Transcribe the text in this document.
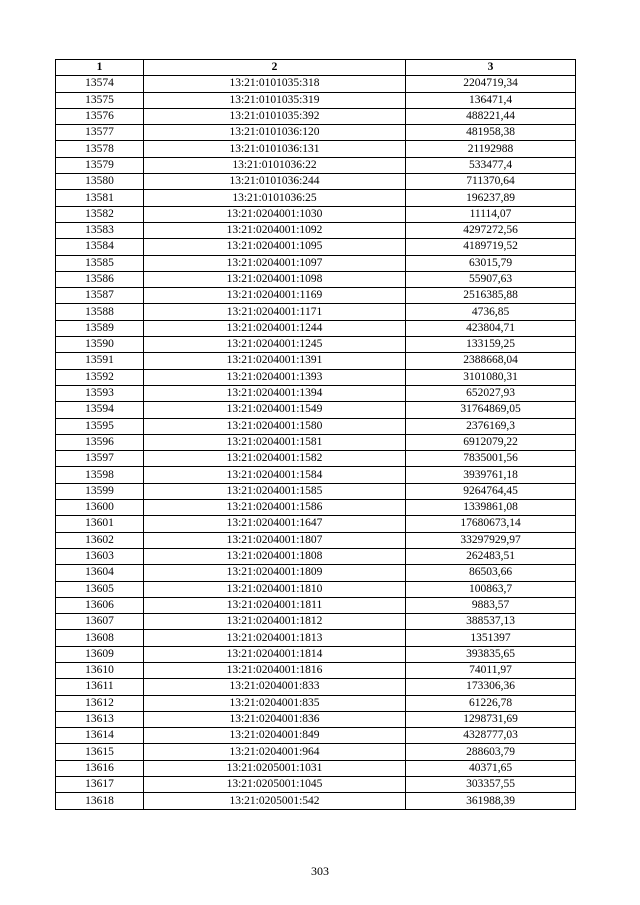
1	2	3
13574	13:21:0101035:318	2204719,34
13575	13:21:0101035:319	136471,4
13576	13:21:0101035:392	488221,44
13577	13:21:0101036:120	481958,38
13578	13:21:0101036:131	21192988
13579	13:21:0101036:22	533477,4
13580	13:21:0101036:244	711370,64
13581	13:21:0101036:25	196237,89
13582	13:21:0204001:1030	11114,07
13583	13:21:0204001:1092	4297272,56
13584	13:21:0204001:1095	4189719,52
13585	13:21:0204001:1097	63015,79
13586	13:21:0204001:1098	55907,63
13587	13:21:0204001:1169	2516385,88
13588	13:21:0204001:1171	4736,85
13589	13:21:0204001:1244	423804,71
13590	13:21:0204001:1245	133159,25
13591	13:21:0204001:1391	2388668,04
13592	13:21:0204001:1393	3101080,31
13593	13:21:0204001:1394	652027,93
13594	13:21:0204001:1549	31764869,05
13595	13:21:0204001:1580	2376169,3
13596	13:21:0204001:1581	6912079,22
13597	13:21:0204001:1582	7835001,56
13598	13:21:0204001:1584	3939761,18
13599	13:21:0204001:1585	9264764,45
13600	13:21:0204001:1586	1339861,08
13601	13:21:0204001:1647	17680673,14
13602	13:21:0204001:1807	33297929,97
13603	13:21:0204001:1808	262483,51
13604	13:21:0204001:1809	86503,66
13605	13:21:0204001:1810	100863,7
13606	13:21:0204001:1811	9883,57
13607	13:21:0204001:1812	388537,13
13608	13:21:0204001:1813	1351397
13609	13:21:0204001:1814	393835,65
13610	13:21:0204001:1816	74011,97
13611	13:21:0204001:833	173306,36
13612	13:21:0204001:835	61226,78
13613	13:21:0204001:836	1298731,69
13614	13:21:0204001:849	4328777,03
13615	13:21:0204001:964	288603,79
13616	13:21:0205001:1031	40371,65
13617	13:21:0205001:1045	303357,55
13618	13:21:0205001:542	361988,39
303
